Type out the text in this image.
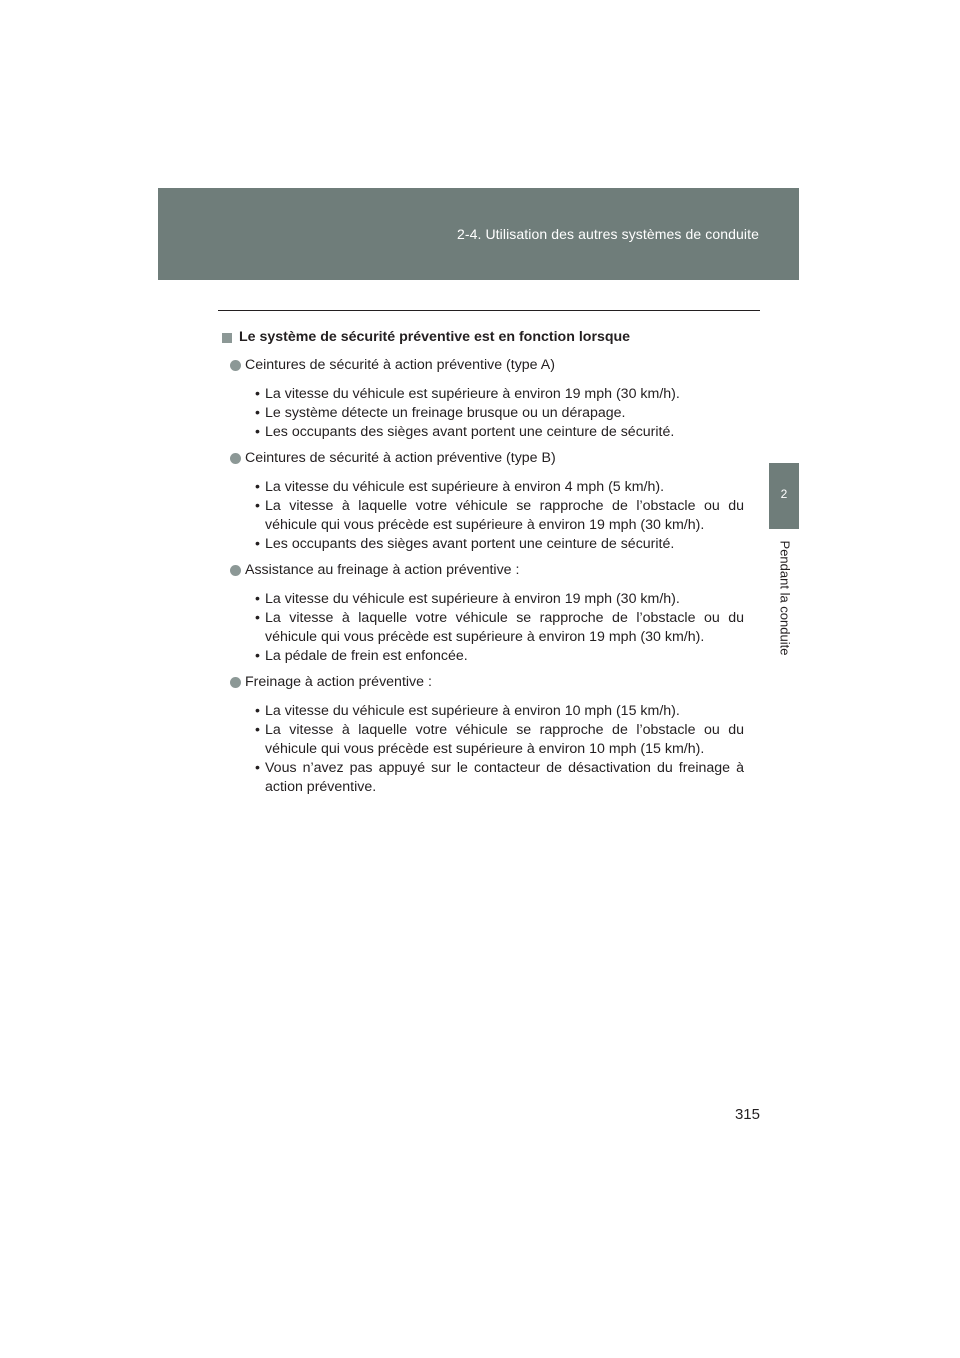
2-4. Utilisation des autres systèmes de conduite
2
Pendant la conduite
Le système de sécurité préventive est en fonction lorsque
Ceintures de sécurité à action préventive (type A)
• La vitesse du véhicule est supérieure à environ 19 mph (30 km/h).
• Le système détecte un freinage brusque ou un dérapage.
• Les occupants des sièges avant portent une ceinture de sécurité.
Ceintures de sécurité à action préventive (type B)
• La vitesse du véhicule est supérieure à environ 4 mph (5 km/h).
• La vitesse à laquelle votre véhicule se rapproche de l’obstacle ou du véhicule qui vous précède est supérieure à environ 19 mph (30 km/h).
• Les occupants des sièges avant portent une ceinture de sécurité.
Assistance au freinage à action préventive :
• La vitesse du véhicule est supérieure à environ 19 mph (30 km/h).
• La vitesse à laquelle votre véhicule se rapproche de l’obstacle ou du véhicule qui vous précède est supérieure à environ 19 mph (30 km/h).
• La pédale de frein est enfoncée.
Freinage à action préventive :
• La vitesse du véhicule est supérieure à environ 10 mph (15 km/h).
• La vitesse à laquelle votre véhicule se rapproche de l’obstacle ou du véhicule qui vous précède est supérieure à environ 10 mph (15 km/h).
• Vous n’avez pas appuyé sur le contacteur de désactivation du freinage à action préventive.
315
